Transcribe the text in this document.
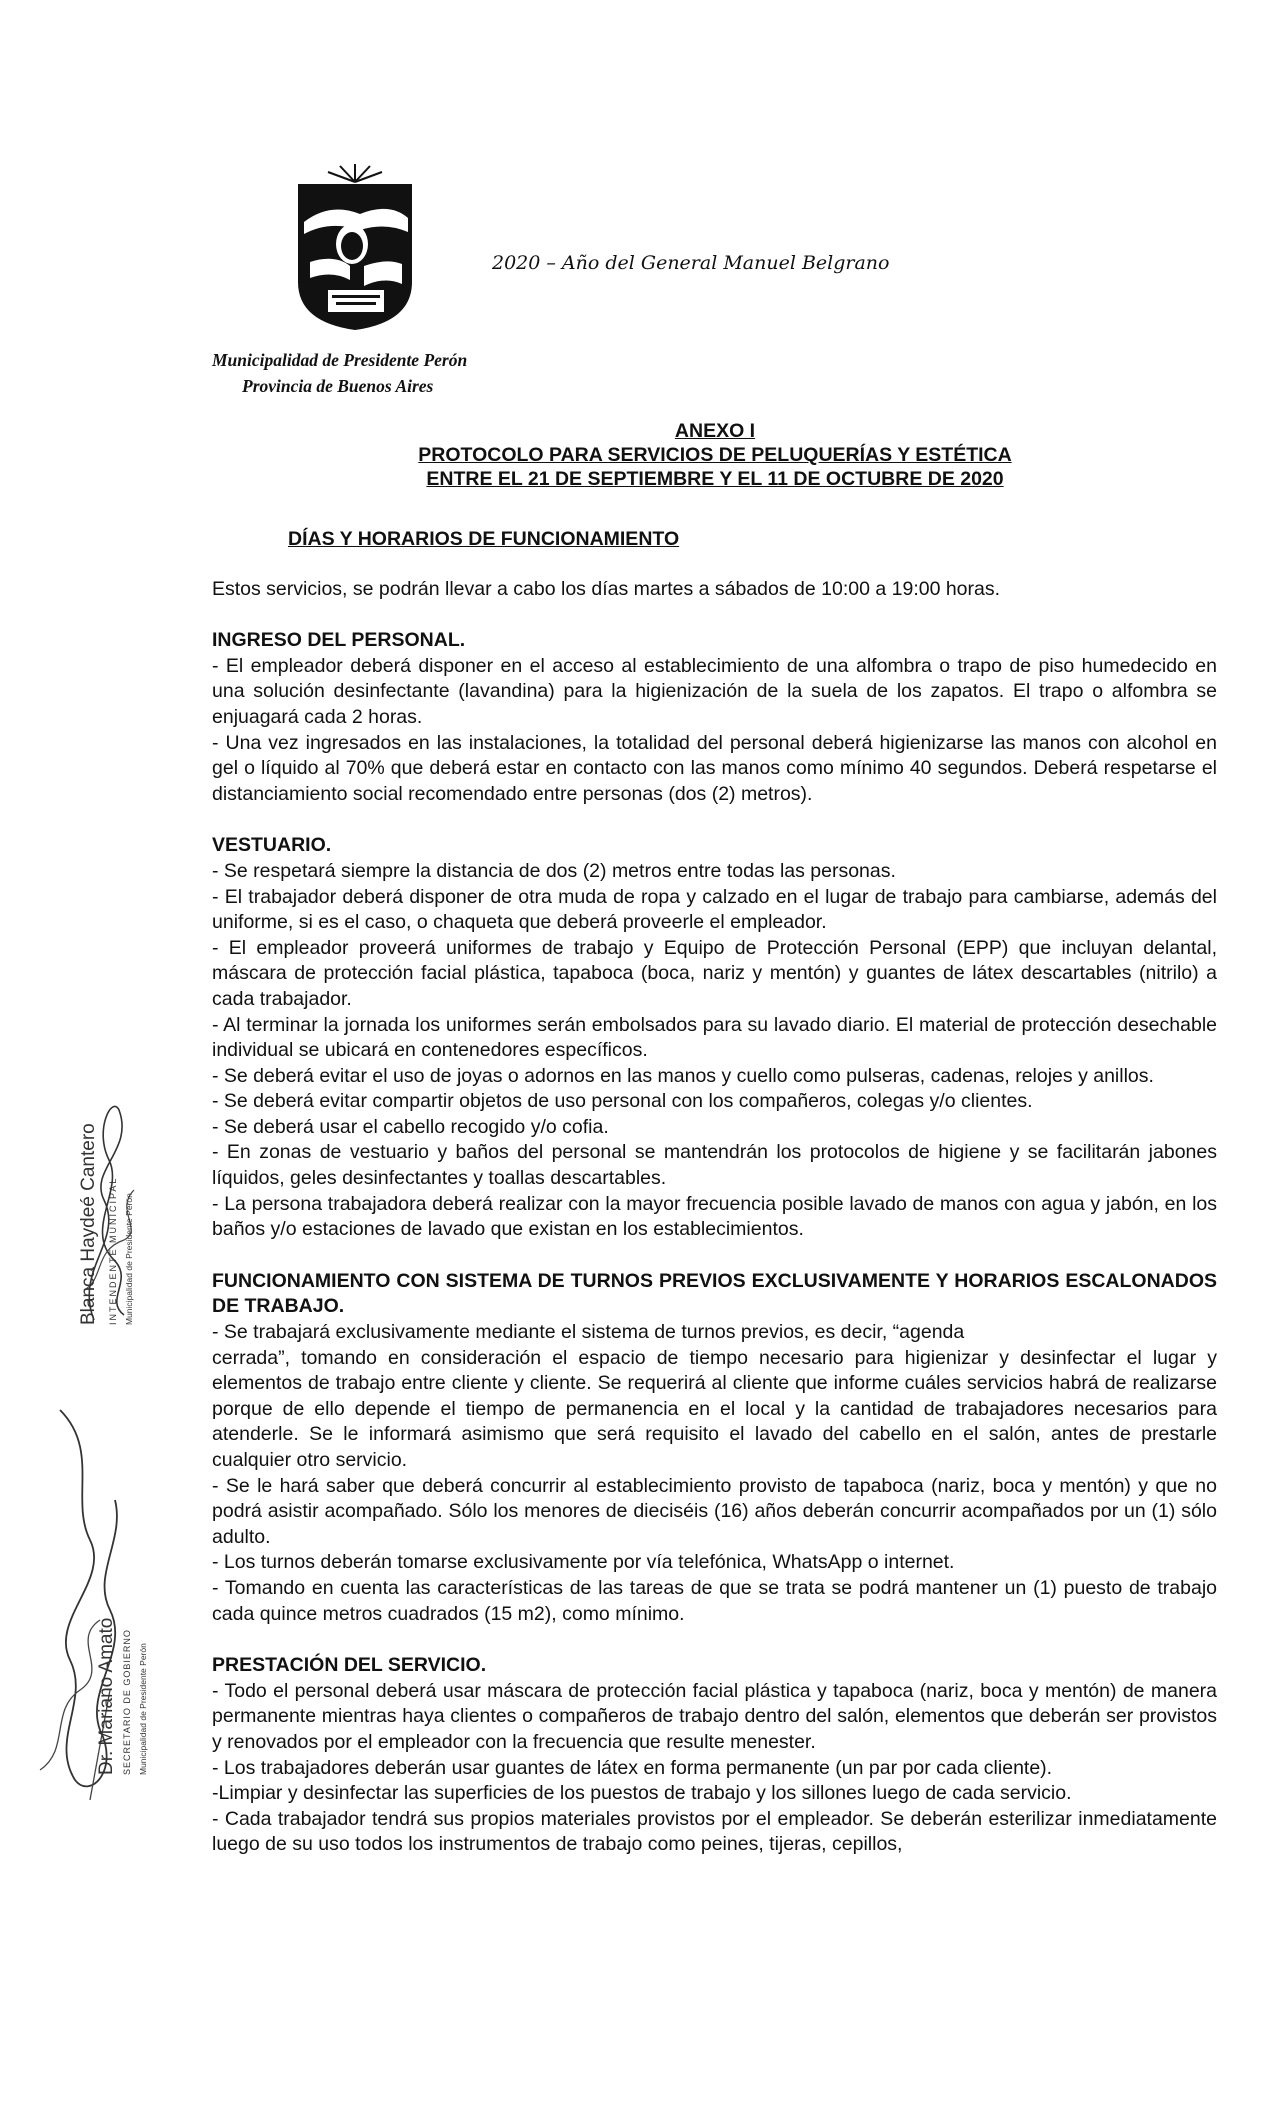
2020 – Año del General Manuel Belgrano
Municipalidad de Presidente Perón
Provincia de Buenos Aires
ANEXO I
PROTOCOLO PARA SERVICIOS DE PELUQUERÍAS Y ESTÉTICA
ENTRE EL 21 DE SEPTIEMBRE Y EL 11 DE OCTUBRE DE 2020
DÍAS Y HORARIOS DE FUNCIONAMIENTO

Estos servicios, se podrán llevar a cabo los días martes a sábados de 10:00 a 19:00 horas.

INGRESO DEL PERSONAL.

- El empleador deberá disponer en el acceso al establecimiento de una alfombra o trapo de piso humedecido en una solución desinfectante (lavandina) para la higienización de la suela de los zapatos. El trapo o alfombra se enjuagará cada 2 horas.

- Una vez ingresados en las instalaciones, la totalidad del personal deberá higienizarse las manos con alcohol en gel o líquido al 70% que deberá estar en contacto con las manos como mínimo 40 segundos. Deberá respetarse el distanciamiento social recomendado entre personas (dos (2) metros).

VESTUARIO.

- Se respetará siempre la distancia de dos (2) metros entre todas las personas.

- El trabajador deberá disponer de otra muda de ropa y calzado en el lugar de trabajo para cambiarse, además del uniforme, si es el caso, o chaqueta que deberá proveerle el empleador.

- El empleador proveerá uniformes de trabajo y Equipo de Protección Personal (EPP) que incluyan delantal, máscara de protección facial plástica, tapaboca (boca, nariz y mentón) y guantes de látex descartables (nitrilo) a cada trabajador.

- Al terminar la jornada los uniformes serán embolsados para su lavado diario. El material de protección desechable individual se ubicará en contenedores específicos.

- Se deberá evitar el uso de joyas o adornos en las manos y cuello como pulseras, cadenas, relojes y anillos.

- Se deberá evitar compartir objetos de uso personal con los compañeros, colegas y/o clientes.

- Se deberá usar el cabello recogido y/o cofia.

- En zonas de vestuario y baños del personal se mantendrán los protocolos de higiene y se facilitarán jabones líquidos, geles desinfectantes y toallas descartables.

- La persona trabajadora deberá realizar con la mayor frecuencia posible lavado de manos con agua y jabón, en los baños y/o estaciones de lavado que existan en los establecimientos.

FUNCIONAMIENTO CON SISTEMA DE TURNOS PREVIOS EXCLUSIVAMENTE Y HORARIOS ESCALONADOS DE TRABAJO.

- Se trabajará exclusivamente mediante el sistema de turnos previos, es decir, “agenda

cerrada”, tomando en consideración el espacio de tiempo necesario para higienizar y desinfectar el lugar y elementos de trabajo entre cliente y cliente. Se requerirá al cliente que informe cuáles servicios habrá de realizarse porque de ello depende el tiempo de permanencia en el local y la cantidad de trabajadores necesarios para atenderle. Se le informará asimismo que será requisito el lavado del cabello en el salón, antes de prestarle cualquier otro servicio.

- Se le hará saber que deberá concurrir al establecimiento provisto de tapaboca (nariz, boca y mentón) y que no podrá asistir acompañado. Sólo los menores de dieciséis (16) años deberán concurrir acompañados por un (1) sólo adulto.

- Los turnos deberán tomarse exclusivamente por vía telefónica, WhatsApp o internet.

- Tomando en cuenta las características de las tareas de que se trata se podrá mantener un (1) puesto de trabajo cada quince metros cuadrados (15 m2), como mínimo.

PRESTACIÓN DEL SERVICIO.

- Todo el personal deberá usar máscara de protección facial plástica y tapaboca (nariz, boca y mentón) de manera permanente mientras haya clientes o compañeros de trabajo dentro del salón, elementos que deberán ser provistos y renovados por el empleador con la frecuencia que resulte menester.

- Los trabajadores deberán usar guantes de látex en forma permanente (un par por cada cliente).

-Limpiar y desinfectar las superficies de los puestos de trabajo y los sillones luego de cada servicio.

- Cada trabajador tendrá sus propios materiales provistos por el empleador. Se deberán esterilizar inmediatamente luego de su uso todos los instrumentos de trabajo como peines, tijeras, cepillos,

Blanca Haydeé Cantero INTENDENTE MUNICIPAL Municipalidad de Presidente Perón
Dr. Mariano Amato SECRETARIO DE GOBIERNO Municipalidad de Presidente Perón
